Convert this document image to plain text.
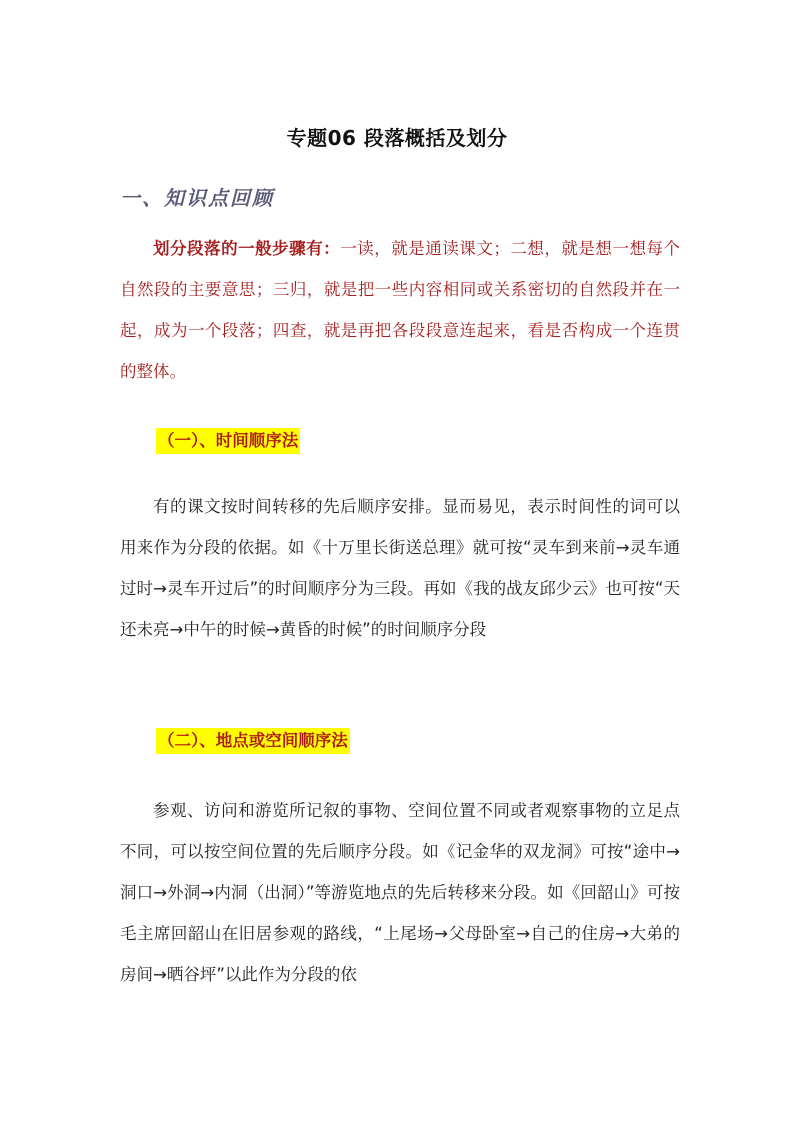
专题06 段落概括及划分
一、知识点回顾

划分段落的一般步骤有：一读，就是通读课文；二想，就是想一想每个自然段的主要意思；三归，就是把一些内容相同或关系密切的自然段并在一起，成为一个段落；四查，就是再把各段段意连起来，看是否构成一个连贯的整体。

（一）、时间顺序法

有的课文按时间转移的先后顺序安排。显而易见，表示时间性的词可以用来作为分段的依据。如《十万里长街送总理》就可按“灵车到来前→灵车通过时→灵车开过后”的时间顺序分为三段。再如《我的战友邱少云》也可按“天还未亮→中午的时候→黄昏的时候”的时间顺序分段

（二）、地点或空间顺序法

参观、访问和游览所记叙的事物、空间位置不同或者观察事物的立足点不同，可以按空间位置的先后顺序分段。如《记金华的双龙洞》可按“途中→洞口→外洞→内洞（出洞）”等游览地点的先后转移来分段。如《回韶山》可按毛主席回韶山在旧居参观的路线，“上尾场→父母卧室→自己的住房→大弟的房间→晒谷坪”以此作为分段的依
